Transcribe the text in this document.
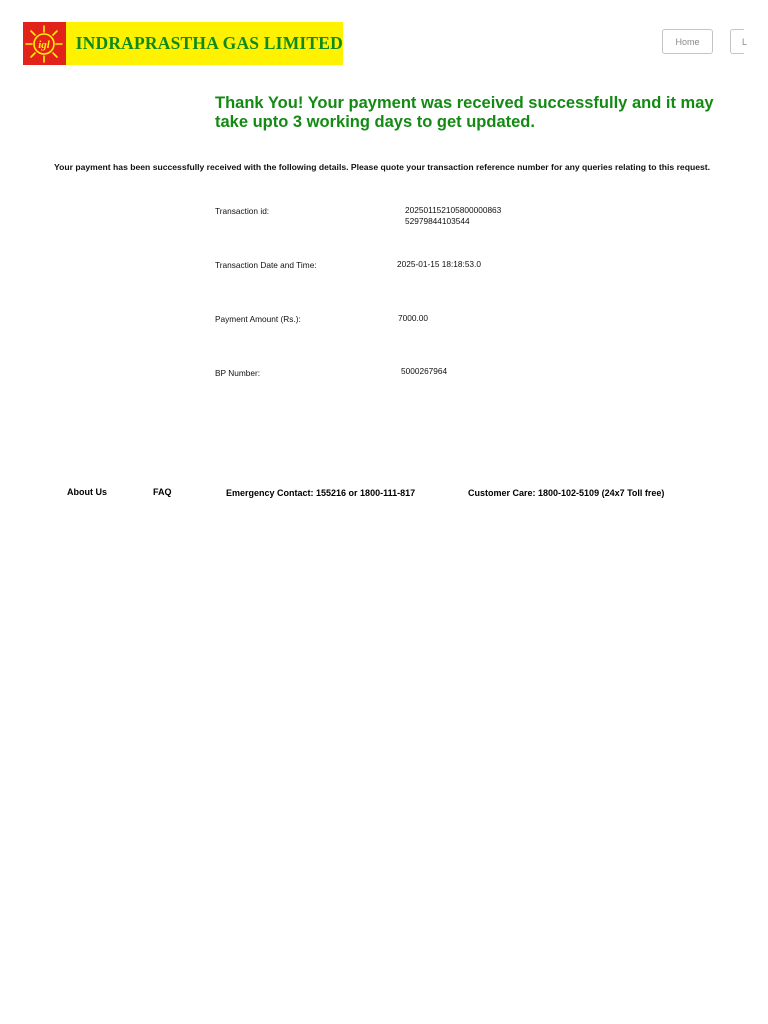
igl	INDRAPRASTHA GAS LIMITED	Home	L
Thank You! Your payment was received successfully and it may take upto 3 working days to get updated.
Your payment has been successfully received with the following details. Please quote your transaction reference number for any queries relating to this request.
Transaction id:	20250115210580000086​3
52979844103544
Transaction Date and Time:	2025-01-15 18:18:53.0
Payment Amount (Rs.):	7000.00
BP Number:	5000267964
About Us	FAQ	Emergency Contact: 155216 or 1800-111-817	Customer Care: 1800-102-5109 (24x7 Toll free)
